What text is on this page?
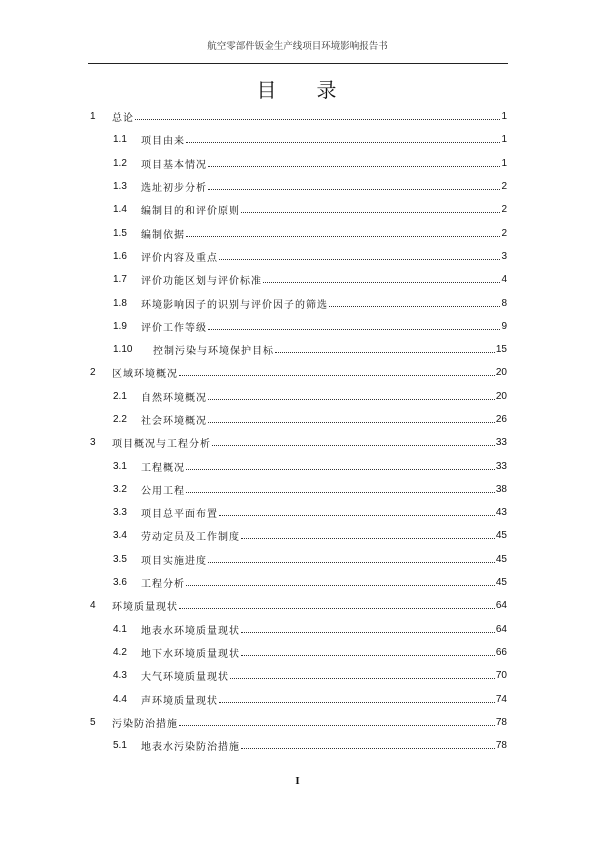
航空零部件钣金生产线项目环境影响报告书
目 录
1	总论	1
1.1	项目由来	1
1.2	项目基本情况	1
1.3	选址初步分析	2
1.4	编制目的和评价原则	2
1.5	编制依据	2
1.6	评价内容及重点	3
1.7	评价功能区划与评价标准	4
1.8	环境影响因子的识别与评价因子的筛选	8
1.9	评价工作等级	9
1.10	控制污染与环境保护目标	15
2	区域环境概况	20
2.1	自然环境概况	20
2.2	社会环境概况	26
3	项目概况与工程分析	33
3.1	工程概况	33
3.2	公用工程	38
3.3	项目总平面布置	43
3.4	劳动定员及工作制度	45
3.5	项目实施进度	45
3.6	工程分析	45
4	环境质量现状	64
4.1	地表水环境质量现状	64
4.2	地下水环境质量现状	66
4.3	大气环境质量现状	70
4.4	声环境质量现状	74
5	污染防治措施	78
5.1	地表水污染防治措施	78
I
